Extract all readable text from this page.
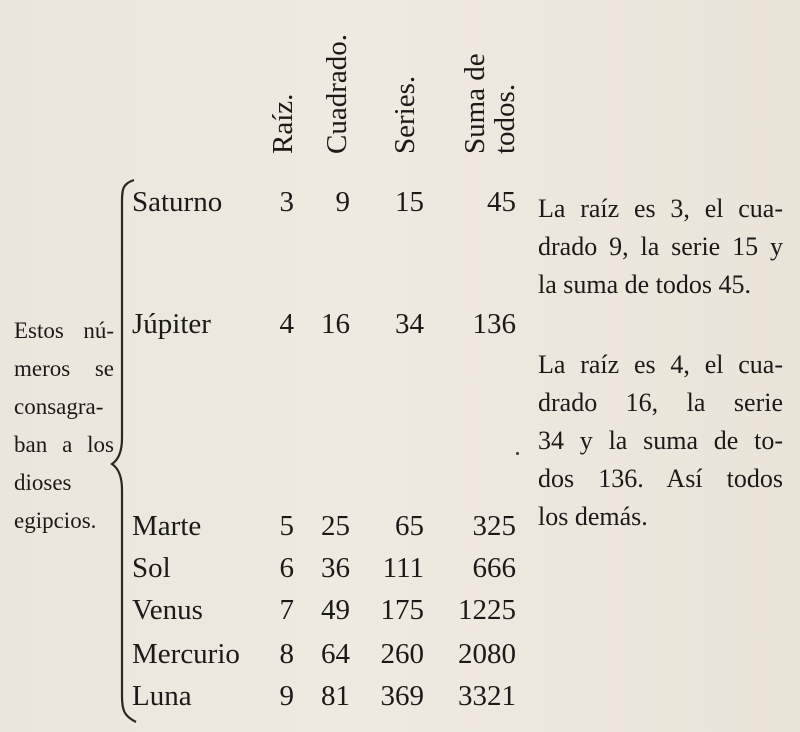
Raíz. Cuadrado. Series. Suma de
todos.
Saturno	3	9	15	45
Júpiter	4 16	34	136
Marte	5 25	65	325
Sol	6 36	111	666
Venus	7 49	175	1225
Mercurio	8 64	260	2080
Luna	9 81	369	3321
Estos nú-
meros se
consagra-
ban a los
dioses
egipcios.
La raíz es 3, el cua-
drado 9, la serie 15 y
la suma de todos 45.
La raíz es 4, el cua-
drado 16, la serie
34 y la suma de to-
dos 136. Así todos
los demás.
